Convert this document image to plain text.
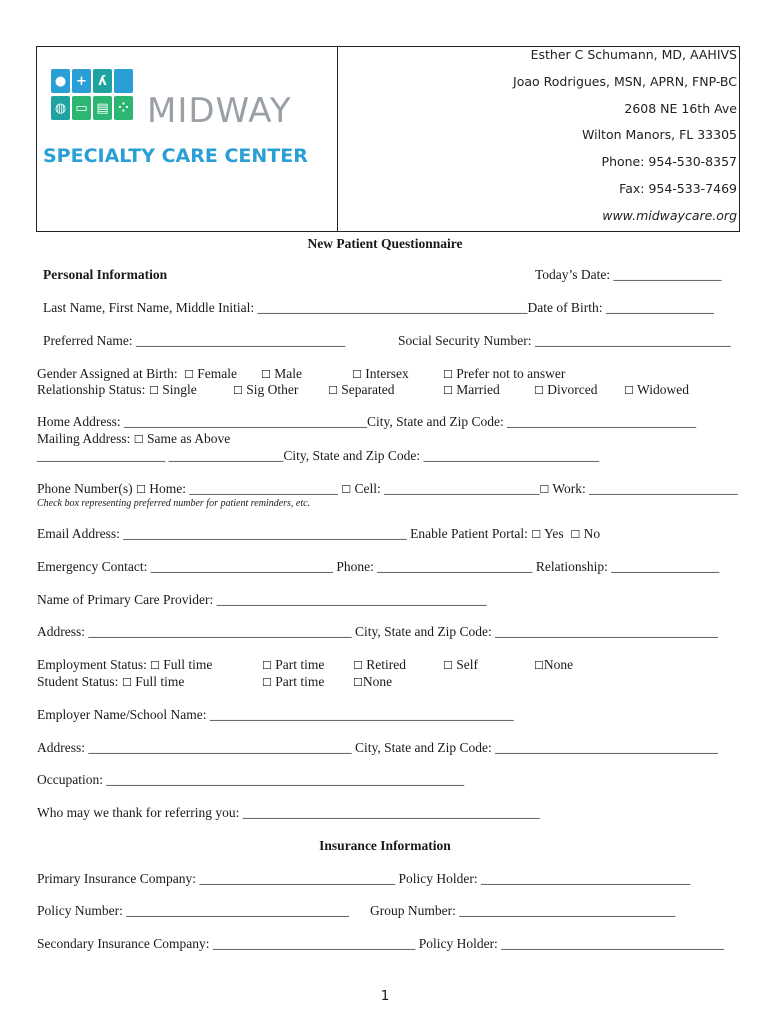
● + ʎ
◍ ▭ ▤ ⁘ MIDWAY
SPECIALTY CARE CENTER
Esther C Schumann, MD, AAHIVS
Joao Rodrigues, MSN, APRN, FNP-BC
2608 NE 16th Ave
Wilton Manors, FL 33305
Phone: 954-530-8357
Fax: 954-533-7469
www.midwaycare.org
New Patient Questionnaire
Personal Information	Today’s Date: ________________
Last Name, First Name, Middle Initial: ________________________________________Date of Birth: ________________
Preferred Name: _______________________________	Social Security Number: _____________________________
Gender Assigned at Birth: ☐ Female ☐ Male	☐ Intersex	☐ Prefer not to answer
Relationship Status: ☐ Single	☐ Sig Other	☐ Separated	☐ Married	☐ Divorced ☐ Widowed
Home Address: ____________________________________City, State and Zip Code: ____________________________
Mailing Address: ☐ Same as Above
___________________ _________________City, State and Zip Code: __________________________
Phone Number(s) ☐ Home: ______________________ ☐ Cell: _______________________☐ Work: ______________________
Check box representing preferred number for patient reminders, etc.
Email Address: __________________________________________ Enable Patient Portal: ☐ Yes ☐ No
Emergency Contact: ___________________________ Phone: _______________________ Relationship: ________________
Name of Primary Care Provider: ________________________________________
Address: _______________________________________ City, State and Zip Code: _________________________________
Employment Status: ☐ Full time	☐ Part time	☐ Retired	☐ Self	☐None
Student Status: ☐ Full time	☐ Part time	☐None
Employer Name/School Name: _____________________________________________
Address: _______________________________________ City, State and Zip Code: _________________________________
Occupation: _____________________________________________________
Who may we thank for referring you: ____________________________________________
Insurance Information
Primary Insurance Company: _____________________________ Policy Holder: _______________________________
Policy Number: _________________________________ Group Number: ________________________________
Secondary Insurance Company: ______________________________ Policy Holder: _________________________________
1
